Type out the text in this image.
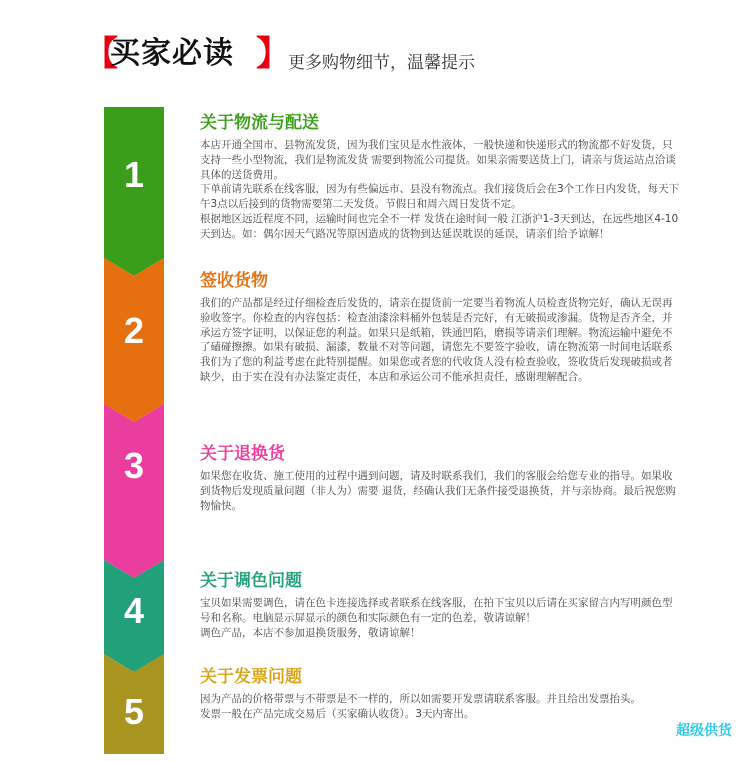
【
买家必读 】
更多购物细节，温馨提示
1
2
3
4
5
关于物流与配送

本店开通全国市、县物流发货，因为我们宝贝是水性液体，一般快递和快递形式的物流都不好发货，只支持一些小型物流，我们是物流发货 需要到物流公司提货。如果亲需要送货上门，请亲与货运站点洽谈具体的送货费用。

下单前请先联系在线客服，因为有些偏远市、县没有物流点。我们接货后会在3个工作日内发货，每天下午3点以后接到的货物需要第二天发货。节假日和周六周日发货不定。

根据地区远近程度不同，运输时间也完全不一样 发货在途时间一般 江浙沪1-3天到达，在远些地区4-10天到达。如：偶尔因天气路况等原因造成的货物到达延误耽误的延误，请亲们给予谅解！

签收货物

我们的产品都是经过仔细检查后发货的，请亲在提货前一定要当着物流人员检查货物完好，确认无误再验收签字。你检查的内容包括：检查油漆涂料桶外包装是否完好，有无破损或渗漏。货物是否齐全，并承运方签字证明，以保证您的利益。如果只是纸箱，铁通凹陷，磨损等请亲们理解。物流运输中避免不了磕碰擦擦。如果有破损、漏漆，数量不对等问题，请您先不要签字验收，请在物流第一时间电话联系我们为了您的利益考虑在此特别提醒。如果您或者您的代收货人没有检查验收，签收货后发现破损或者缺少，由于实在没有办法鉴定责任，本店和承运公司不能承担责任，感谢理解配合。

关于退换货

如果您在收货、施工使用的过程中遇到问题，请及时联系我们，我们的客服会给您专业的指导。如果收到货物后发现质量问题（非人为）需要 退货，经确认我们无条件接受退换货，并与亲协商。最后祝您购物愉快。

关于调色问题

宝贝如果需要调色，请在色卡连接选择或者联系在线客服，在拍下宝贝以后请在买家留言内写明颜色型号和名称。电脑显示屏显示的颜色和实际颜色有一定的色差，敬请谅解！

调色产品，本店不参加退换货服务，敬请谅解！

关于发票问题

因为产品的价格带票与不带票是不一样的，所以如需要开发票请联系客服。并且给出发票抬头。

发票一般在产品完成交易后（买家确认收货）。3天内寄出。

超级供货
